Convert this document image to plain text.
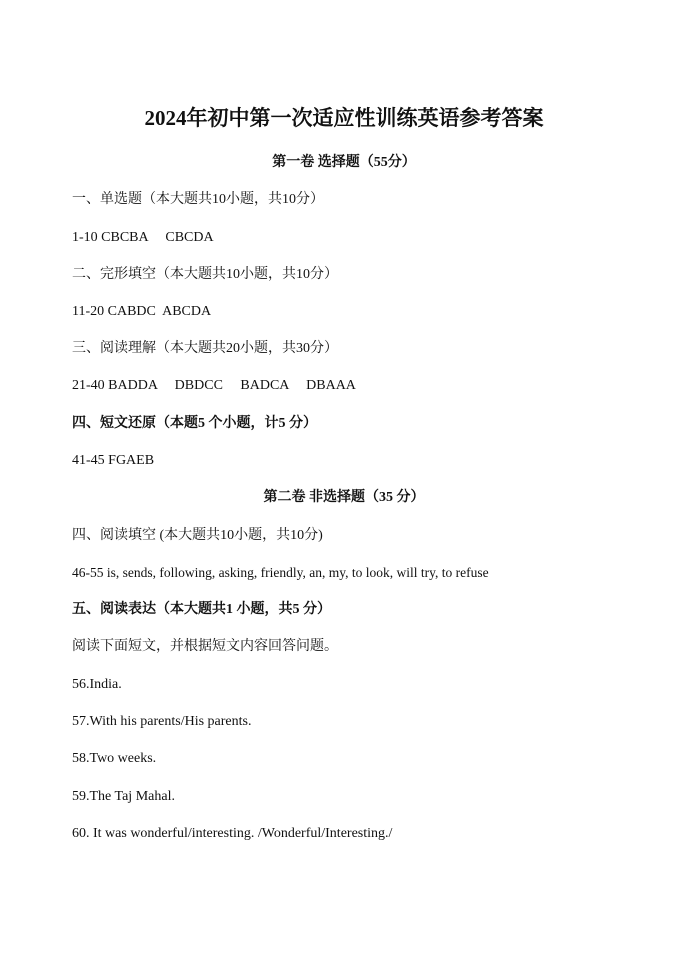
2024年初中第一次适应性训练英语参考答案
第一卷 选择题（55分）
一、单选题（本大题共10小题，共10分）
1-10 CBCBA     CBCDA
二、完形填空（本大题共10小题，共10分）
11-20 CABDC  ABCDA
三、阅读理解（本大题共20小题，共30分）
21-40 BADDA     DBDCC     BADCA     DBAAA
四、短文还原（本题5 个小题，计5 分）
41-45 FGAEB
第二卷 非选择题（35 分）
四、阅读填空 (本大题共10小题，共10分)
46-55 is, sends, following, asking, friendly, an, my, to look, will try, to refuse
五、阅读表达（本大题共1 小题，共5 分）
阅读下面短文，并根据短文内容回答问题。
56.India.
57.With his parents/His parents.
58.Two weeks.
59.The Taj Mahal.
60. It was wonderful/interesting. /Wonderful/Interesting./
